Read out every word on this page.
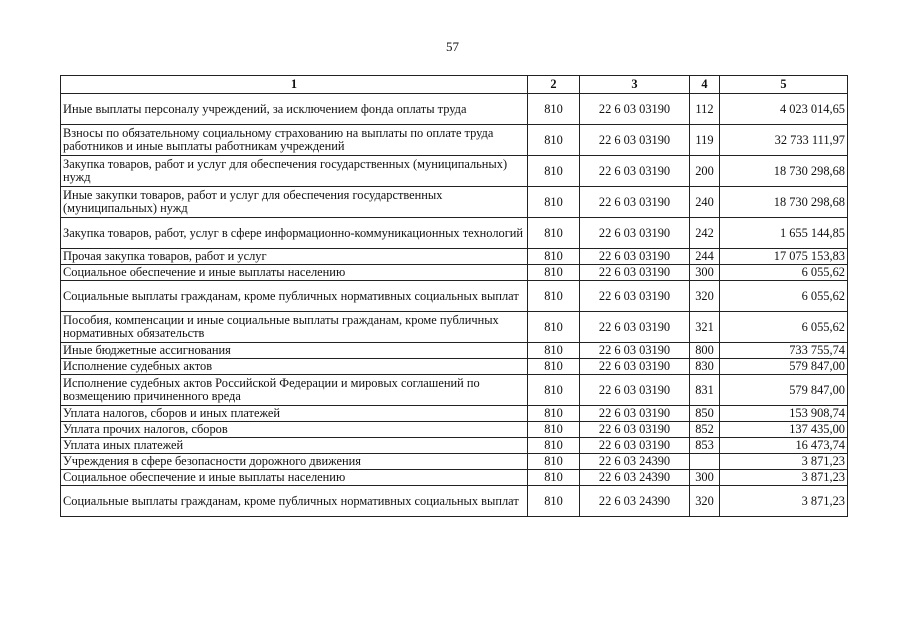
57
1	2	3	4	5
Иные выплаты персоналу учреждений, за исключением фонда оплаты труда	810	22 6 03 03190	112	4 023 014,65
Взносы по обязательному социальному страхованию на выплаты по оплате труда работников и иные выплаты работникам учреждений	810	22 6 03 03190	119	32 733 111,97
Закупка товаров, работ и услуг для обеспечения государственных (муниципальных) нужд	810	22 6 03 03190	200	18 730 298,68
Иные закупки товаров, работ и услуг для обеспечения государственных (муниципальных) нужд	810	22 6 03 03190	240	18 730 298,68
Закупка товаров, работ, услуг в сфере информационно-коммуникационных технологий	810	22 6 03 03190	242	1 655 144,85
Прочая закупка товаров, работ и услуг	810	22 6 03 03190	244	17 075 153,83
Социальное обеспечение и иные выплаты населению	810	22 6 03 03190	300	6 055,62
Социальные выплаты гражданам, кроме публичных нормативных социальных выплат	810	22 6 03 03190	320	6 055,62
Пособия, компенсации и иные социальные выплаты гражданам, кроме публичных нормативных обязательств	810	22 6 03 03190	321	6 055,62
Иные бюджетные ассигнования	810	22 6 03 03190	800	733 755,74
Исполнение судебных актов	810	22 6 03 03190	830	579 847,00
Исполнение судебных актов Российской Федерации и мировых соглашений по возмещению причиненного вреда	810	22 6 03 03190	831	579 847,00
Уплата налогов, сборов и иных платежей	810	22 6 03 03190	850	153 908,74
Уплата прочих налогов, сборов	810	22 6 03 03190	852	137 435,00
Уплата иных платежей	810	22 6 03 03190	853	16 473,74
Учреждения в сфере безопасности дорожного движения	810	22 6 03 24390		3 871,23
Социальное обеспечение и иные выплаты населению	810	22 6 03 24390	300	3 871,23
Социальные выплаты гражданам, кроме публичных нормативных социальных выплат	810	22 6 03 24390	320	3 871,23
